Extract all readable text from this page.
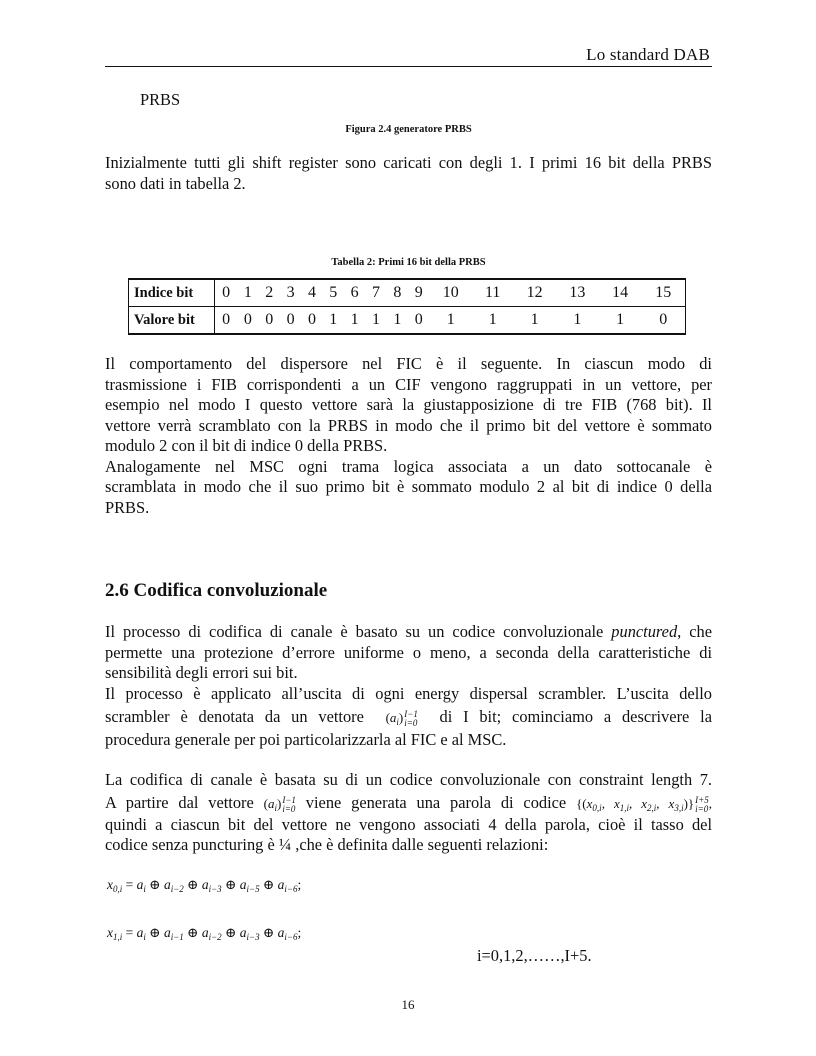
Lo standard DAB
PRBS
Figura 2.4 generatore PRBS
Inizialmente tutti gli shift register sono caricati con degli 1. I primi 16 bit della PRBS
sono dati in tabella 2.
Tabella 2: Primi 16 bit della PRBS
Indice bit	0	1	2	3	4	5	6	7	8	9	10	11	12	13	14	15
Valore bit	0	0	0	0	0	1	1	1	1	0	1	1	1	1	1	0
Il comportamento del dispersore nel FIC è il seguente. In ciascun modo di
trasmissione i FIB corrispondenti a un CIF vengono raggruppati in un vettore, per
esempio nel modo I questo vettore sarà la giustapposizione di tre FIB (768 bit). Il
vettore verrà scramblato con la PRBS in modo che il primo bit del vettore è sommato
modulo 2 con il bit di indice 0 della PRBS.
Analogamente nel MSC ogni trama logica associata a un dato sottocanale è
scramblata in modo che il suo primo bit è sommato modulo 2 al bit di indice 0 della
PRBS.
2.6 Codifica convoluzionale
Il processo di codifica di canale è basato su un codice convoluzionale punctured, che
permette una protezione d’errore uniforme o meno, a seconda della caratteristiche di
sensibilità degli errori sui bit.
Il processo è applicato all’uscita di ogni energy dispersal scrambler. L’uscita dello
scrambler è denotata da un vettore $(a_i)$ I−1
i=0 di I bit; cominciamo a descrivere la
procedura generale per poi particolarizzarla al FIC e al MSC.
La codifica di canale è basata su di un codice convoluzionale con constraint length 7.
A partire dal vettore $(a_i)$ I−1
i=0 viene generata una parola di codice {($x_{0,i}$, $x_{1,i}$, $x_{2,i}$, $x_{3,i}$)} I+5
i=0 ,
quindi a ciascun bit del vettore ne vengono associati 4 della parola, cioè il tasso del
codice senza puncturing è ¼ ,che è definita dalle seguenti relazioni:
$x_{0,i} = a_i$ ⊕ $a_{i-2}$ ⊕ $a_{i-3}$ ⊕ $a_{i-5}$ ⊕ $a_{i-6}$;
$x_{1,i} = a_i$ ⊕ $a_{i-1}$ ⊕ $a_{i-2}$ ⊕ $a_{i-3}$ ⊕ $a_{i-6}$;
i=0,1,2,……,I+5.
16
